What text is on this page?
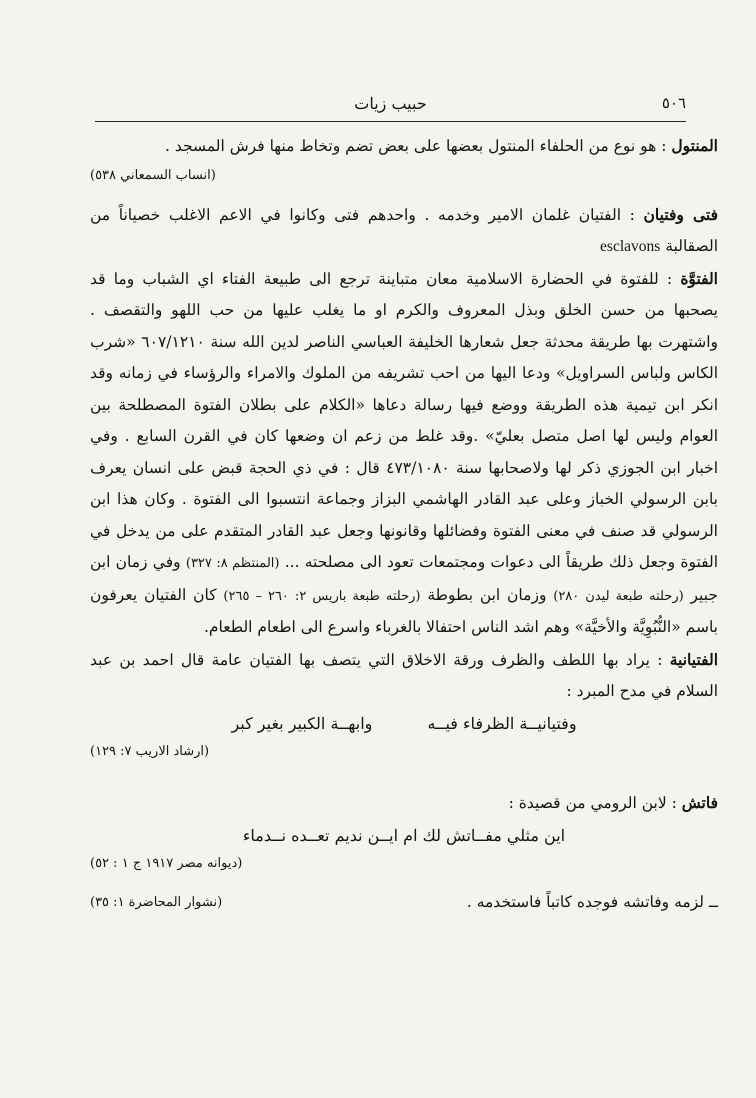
٥٠٦
حبيب زيات

المنتول : هو نوع من الحلفاء المنتول بعضها على بعض تضم وتخاط منها فرش المسجد .

(انساب السمعاني ٥٣٨)

فتى وفتيان : الفتيان غلمان الامير وخدمه . واحدهم فتى وكانوا في الاعم الاغلب خصياناً من الصقالبة esclavons

الفتوَّة : للفتوة في الحضارة الاسلامية معان متباينة ترجع الى طبيعة الفتاء اي الشباب وما قد يصحبها من حسن الخلق وبذل المعروف والكرم او ما يغلب عليها من حب اللهو والتقصف . واشتهرت بها طريقة محدثة جعل شعارها الخليفة العباسي الناصر لدين الله سنة ٦٠٧/١٢١٠ «شرب الكاس ولباس السراويل» ودعا اليها من احب تشريفه من الملوك والامراء والرؤساء في زمانه وقد انكر ابن تيمية هذه الطريقة ووضع فيها رسالة دعاها «الكلام على بطلان الفتوة المصطلحة بين العوام وليس لها اصل متصل بعليّ» .وقد غلط من زعم ان وضعها كان في القرن السابع . وفي اخبار ابن الجوزي ذكر لها ولاصحابها سنة ٤٧٣/١٠٨٠ قال : في ذي الحجة قبض على انسان يعرف بابن الرسولي الخباز وعلى عبد القادر الهاشمي البزاز وجماعة انتسبوا الى الفتوة . وكان هذا ابن الرسولي قد صنف في معنى الفتوة وفضائلها وقانونها وجعل عبد القادر المتقدم على من يدخل في الفتوة وجعل ذلك طريقاً الى دعوات ومجتمعات تعود الى مصلحته ... (المنتظم ٨: ٣٢٧) وفي زمان ابن جبير (رحلته طبعة ليدن ٢٨٠) وزمان ابن بطوطة (رحلته طبعة باريس ٢: ٢٦٠ – ٢٦٥) كان الفتيان يعرفون باسم «النُّبُوِيَّة والأخيَّة» وهم اشد الناس احتفالا بالغرباء واسرع الى اطعام الطعام.

الفتيانية : يراد بها اللطف والظرف ورقة الاخلاق التي يتصف بها الفتيان عامة قال احمد بن عبد السلام في مدح المبرد :

وفتيانيــة الظرفاء فيــه وابهــة الكبير بغير كبر

(ارشاد الاريب ٧: ١٢٩)

فاتش : لابن الرومي من قصيدة :

اين مثلي مفــاتش لك ام ايــن نديم تعــده نــدماء

(ديوانه مصر ١٩١٧ ج ١ : ٥٢)

ــ لزمه وفاتشه فوجده كاتباً فاستخدمه .
(نشوار المحاضرة ١: ٣٥)
